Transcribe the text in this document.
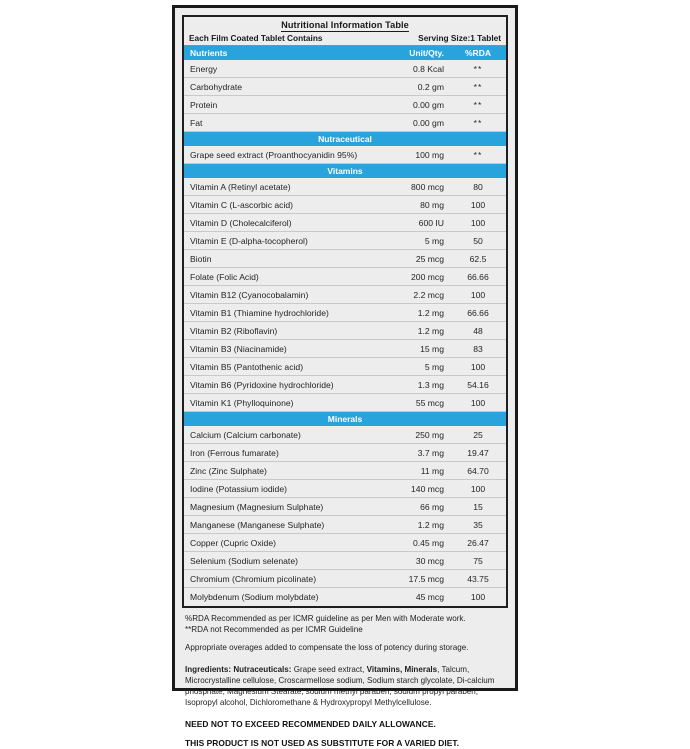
Nutritional Information Table
Each Film Coated Tablet Contains	Serving Size:1 Tablet
Nutrients	Unit/Qty.	%RDA
Energy	0.8 Kcal	**
Carbohydrate	0.2 gm	**
Protein	0.00 gm	**
Fat	0.00 gm	**
Nutraceutical
Grape seed extract (Proanthocyanidin 95%)	100 mg	**
Vitamins
Vitamin A (Retinyl acetate)	800 mcg	80
Vitamin C (L-ascorbic acid)	80 mg	100
Vitamin D (Cholecalciferol)	600 IU	100
Vitamin E (D-alpha-tocopherol)	5 mg	50
Biotin	25 mcg	62.5
Folate (Folic Acid)	200 mcg	66.66
Vitamin B12 (Cyanocobalamin)	2.2 mcg	100
Vitamin B1 (Thiamine hydrochloride)	1.2 mg	66.66
Vitamin B2 (Riboflavin)	1.2 mg	48
Vitamin B3 (Niacinamide)	15 mg	83
Vitamin B5 (Pantothenic acid)	5 mg	100
Vitamin B6 (Pyridoxine hydrochloride)	1.3 mg	54.16
Vitamin K1 (Phylloquinone)	55 mcg	100
Minerals
Calcium (Calcium carbonate)	250 mg	25
Iron (Ferrous fumarate)	3.7 mg	19.47
Zinc (Zinc Sulphate)	11 mg	64.70
Iodine (Potassium iodide)	140 mcg	100
Magnesium (Magnesium Sulphate)	66 mg	15
Manganese (Manganese Sulphate)	1.2 mg	35
Copper (Cupric Oxide)	0.45 mg	26.47
Selenium (Sodium selenate)	30 mcg	75
Chromium (Chromium picolinate)	17.5 mcg	43.75
Molybdenum (Sodium molybdate)	45 mcg	100

%RDA Recommended as per ICMR guideline as per Men with Moderate work.

**RDA not Recommended as per ICMR Guideline

Appropriate overages added to compensate the loss of potency during storage.

Ingredients: Nutraceuticals: Grape seed extract, Vitamins, Minerals, Talcum, Microcrystalline cellulose, Croscarmellose sodium, Sodium starch glycolate, Di-calcium phosphate, Magnesium Stearate, sodium methyl paraben, sodium propyl paraben, Isopropyl alcohol, Dichloromethane & Hydroxypropyl Methylcellulose.

NEED NOT TO EXCEED RECOMMENDED DAILY ALLOWANCE.

THIS PRODUCT IS NOT USED AS SUBSTITUTE FOR A VARIED DIET.
